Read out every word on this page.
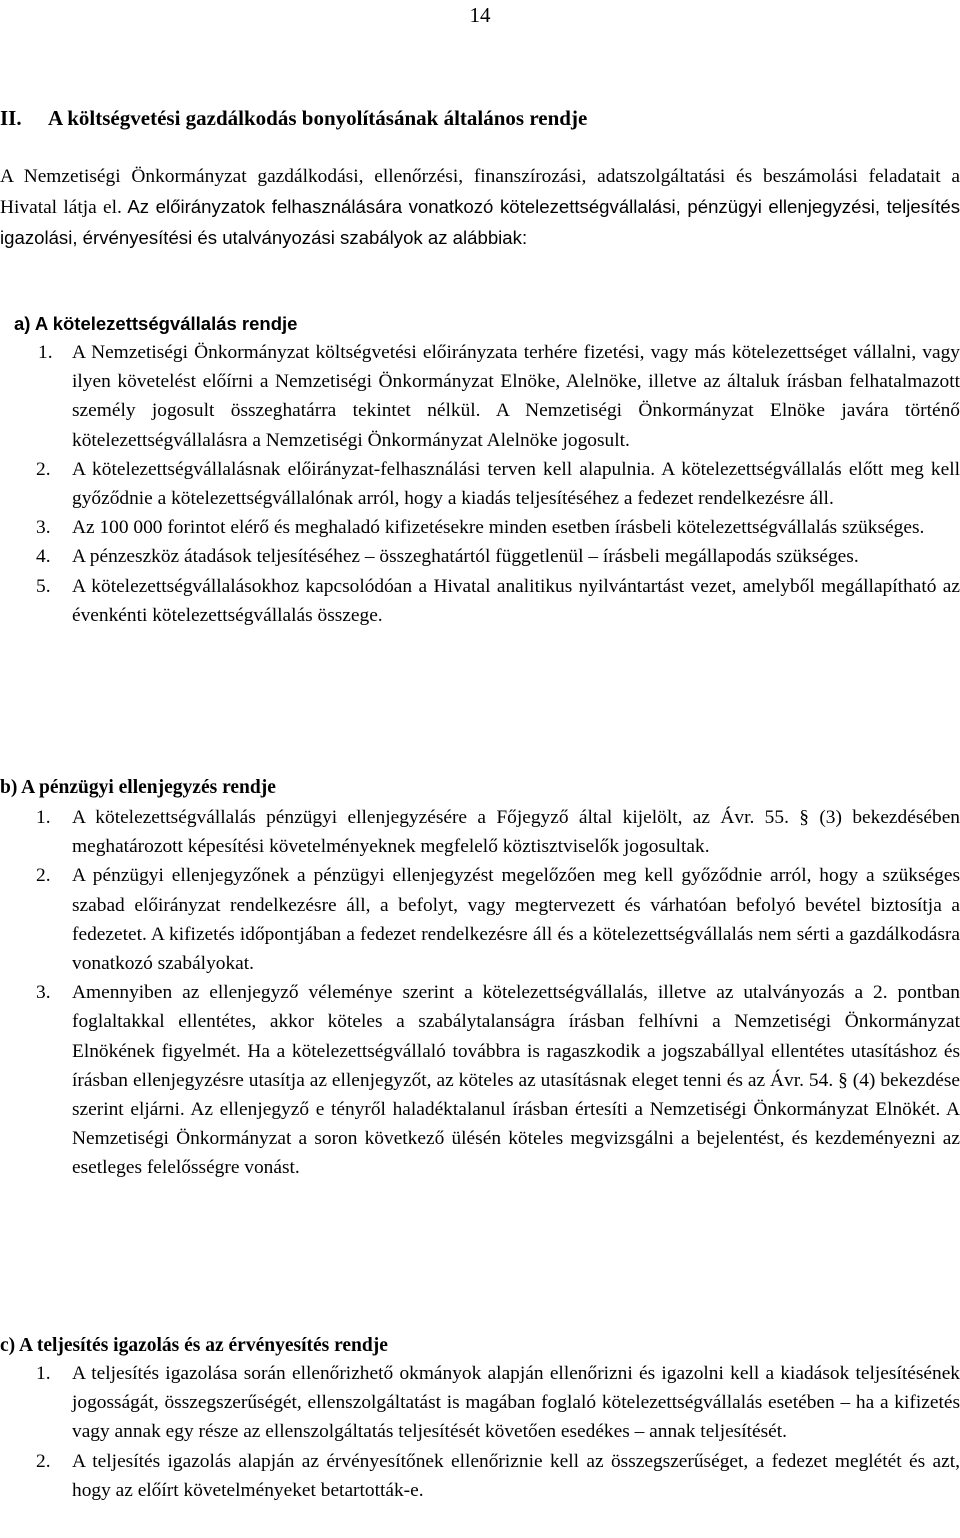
14
II. A költségvetési gazdálkodás bonyolításának általános rendje
A Nemzetiségi Önkormányzat gazdálkodási, ellenőrzési, finanszírozási, adatszolgáltatási és beszámolási feladatait a Hivatal látja el. Az előirányzatok felhasználására vonatkozó kötelezettségvállalási, pénzügyi ellenjegyzési, teljesítés igazolási, érvényesítési és utalványozási szabályok az alábbiak:
a) A kötelezettségvállalás rendje
1. A Nemzetiségi Önkormányzat költségvetési előirányzata terhére fizetési, vagy más kötelezettséget vállalni, vagy ilyen követelést előírni a Nemzetiségi Önkormányzat Elnöke, Alelnöke, illetve az általuk írásban felhatalmazott személy jogosult összeghatárra tekintet nélkül. A Nemzetiségi Önkormányzat Elnöke javára történő kötelezettségvállalásra a Nemzetiségi Önkormányzat Alelnöke jogosult.
2. A kötelezettségvállalásnak előirányzat-felhasználási terven kell alapulnia. A kötelezettségvállalás előtt meg kell győződnie a kötelezettségvállalónak arról, hogy a kiadás teljesítéséhez a fedezet rendelkezésre áll.
3. Az 100 000 forintot elérő és meghaladó kifizetésekre minden esetben írásbeli kötelezettségvállalás szükséges.
4. A pénzeszköz átadások teljesítéséhez – összeghatártól függetlenül – írásbeli megállapodás szükséges.
5. A kötelezettségvállalásokhoz kapcsolódóan a Hivatal analitikus nyilvántartást vezet, amelyből megállapítható az évenkénti kötelezettségvállalás összege.
b) A pénzügyi ellenjegyzés rendje
1. A kötelezettségvállalás pénzügyi ellenjegyzésére a Főjegyző által kijelölt, az Ávr. 55. § (3) bekezdésében meghatározott képesítési követelményeknek megfelelő köztisztviselők jogosultak.
2. A pénzügyi ellenjegyzőnek a pénzügyi ellenjegyzést megelőzően meg kell győződnie arról, hogy a szükséges szabad előirányzat rendelkezésre áll, a befolyt, vagy megtervezett és várhatóan befolyó bevétel biztosítja a fedezetet. A kifizetés időpontjában a fedezet rendelkezésre áll és a kötelezettségvállalás nem sérti a gazdálkodásra vonatkozó szabályokat.
3. Amennyiben az ellenjegyző véleménye szerint a kötelezettségvállalás, illetve az utalványozás a 2. pontban foglaltakkal ellentétes, akkor köteles a szabálytalanságra írásban felhívni a Nemzetiségi Önkormányzat Elnökének figyelmét. Ha a kötelezettségvállaló továbbra is ragaszkodik a jogszabállyal ellentétes utasításhoz és írásban ellenjegyzésre utasítja az ellenjegyzőt, az köteles az utasításnak eleget tenni és az Ávr. 54. § (4) bekezdése szerint eljárni. Az ellenjegyző e tényről haladéktalanul írásban értesíti a Nemzetiségi Önkormányzat Elnökét. A Nemzetiségi Önkormányzat a soron következő ülésén köteles megvizsgálni a bejelentést, és kezdeményezni az esetleges felelősségre vonást.
c) A teljesítés igazolás és az érvényesítés rendje
1. A teljesítés igazolása során ellenőrizhető okmányok alapján ellenőrizni és igazolni kell a kiadások teljesítésének jogosságát, összegszerűségét, ellenszolgáltatást is magában foglaló kötelezettségvállalás esetében – ha a kifizetés vagy annak egy része az ellenszolgáltatás teljesítését követően esedékes – annak teljesítését.
2. A teljesítés igazolás alapján az érvényesítőnek ellenőriznie kell az összegszerűséget, a fedezet meglétét és azt, hogy az előírt követelményeket betartották-e.
